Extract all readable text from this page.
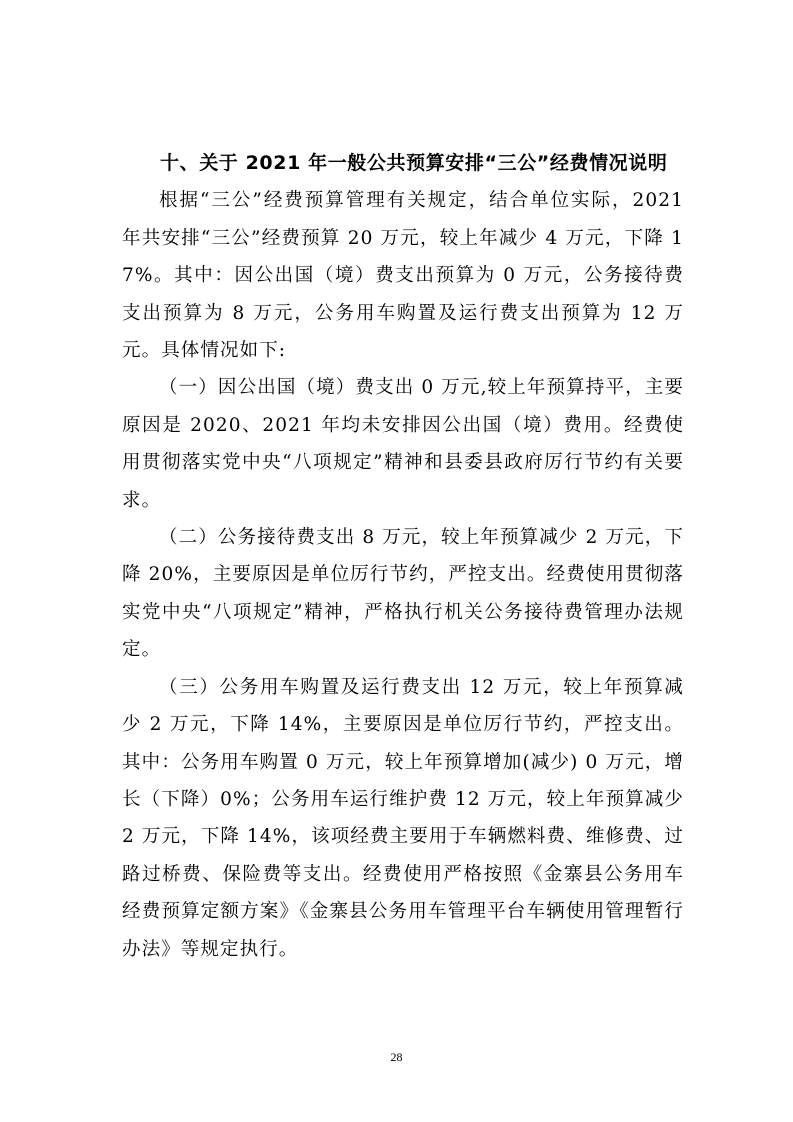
十、关于 2021 年一般公共预算安排“三公”经费情况说明

根据“三公”经费预算管理有关规定，结合单位实际，2021 年共安排“三公”经费预算 20 万元，较上年减少 4 万元，下降 17%。其中：因公出国（境）费支出预算为 0 万元，公务接待费支出预算为 8 万元，公务用车购置及运行费支出预算为 12 万元。具体情况如下:

（一）因公出国（境）费支出 0 万元,较上年预算持平，主要原因是 2020、2021 年均未安排因公出国（境）费用。经费使用贯彻落实党中央“八项规定”精神和县委县政府厉行节约有关要求。

（二）公务接待费支出 8 万元，较上年预算减少 2 万元，下降 20%，主要原因是单位厉行节约，严控支出。经费使用贯彻落实党中央“八项规定”精神，严格执行机关公务接待费管理办法规定。

（三）公务用车购置及运行费支出 12 万元，较上年预算减少 2 万元，下降 14%，主要原因是单位厉行节约，严控支出。其中：公务用车购置 0 万元，较上年预算增加(减少) 0 万元，增长（下降）0%；公务用车运行维护费 12 万元，较上年预算减少 2 万元，下降 14%，该项经费主要用于车辆燃料费、维修费、过路过桥费、保险费等支出。经费使用严格按照《金寨县公务用车经费预算定额方案》《金寨县公务用车管理平台车辆使用管理暂行办法》等规定执行。

28
